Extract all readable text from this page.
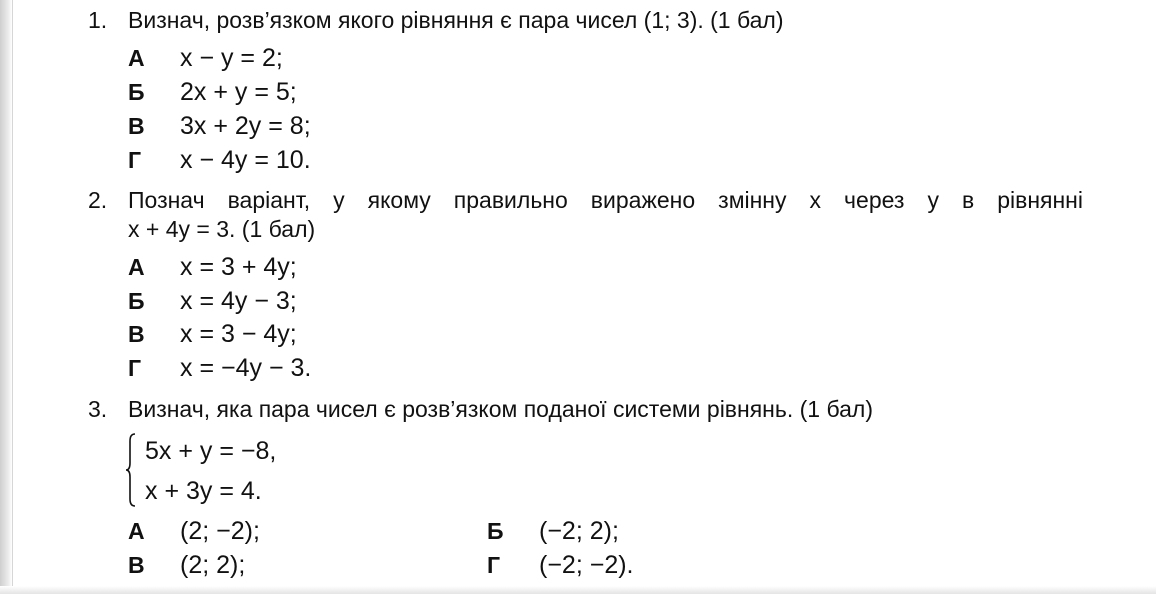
1. Визнач, розв’язком якого рівняння є пара чисел (1; 3). (1 бал)
А x − y = 2;
Б 2x + y = 5;
В 3x + 2y = 8;
Г x − 4y = 10.
2. Познач варіант, у якому правильно виражено змінну x через y в рівнянні
x + 4y = 3. (1 бал)
А x = 3 + 4y;
Б x = 4y − 3;
В x = 3 − 4y;
Г x = −4y − 3.
3. Визнач, яка пара чисел є розв’язком поданої системи рівнянь. (1 бал)
5x + y = −8,
x + 3y = 4.
А (2; −2);	Б (−2; 2);
В (2; 2);	Г (−2; −2).
